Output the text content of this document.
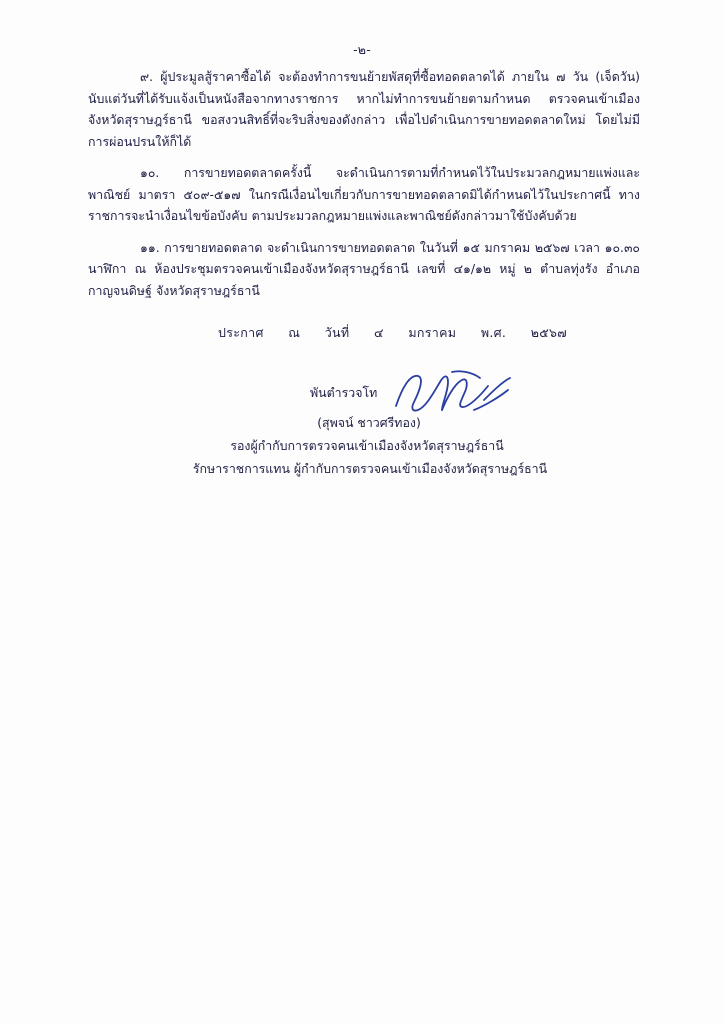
-๒-

๙. ผู้ประมูลสู้ราคาซื้อได้ จะต้องทำการขนย้ายพัสดุที่ซื้อทอดตลาดได้ ภายใน ๗ วัน (เจ็ดวัน) นับแต่วันที่ได้รับแจ้งเป็นหนังสือจากทางราชการ หากไม่ทำการขนย้ายตามกำหนด ตรวจคนเข้าเมืองจังหวัดสุราษฎร์ธานี ขอสงวนสิทธิ์ที่จะริบสิ่งของดังกล่าว เพื่อไปดำเนินการขายทอดตลาดใหม่ โดยไม่มีการผ่อนปรนให้ก็ได้

๑๐. การขายทอดตลาดครั้งนี้ จะดำเนินการตามที่กำหนดไว้ในประมวลกฎหมายแพ่งและพาณิชย์ มาตรา ๕๐๙-๕๑๗ ในกรณีเงื่อนไขเกี่ยวกับการขายทอดตลาดมิได้กำหนดไว้ในประกาศนี้ ทางราชการจะนำเงื่อนไขข้อบังคับ ตามประมวลกฎหมายแพ่งและพาณิชย์ดังกล่าวมาใช้บังคับด้วย

๑๑. การขายทอดตลาด จะดำเนินการขายทอดตลาด ในวันที่ ๑๕ มกราคม ๒๕๖๗ เวลา ๑๐.๓๐ นาฬิกา ณ ห้องประชุมตรวจคนเข้าเมืองจังหวัดสุราษฎร์ธานี เลขที่ ๔๑/๑๒ หมู่ ๒ ตำบลทุ่งรัง อำเภอกาญจนดิษฐ์ จังหวัดสุราษฎร์ธานี

ประกาศ ณ วันที่ ๔ มกราคม พ.ศ. ๒๕๖๗
พันตำรวจโท
(สุพจน์ ชาวศรีทอง)
รองผู้กำกับการตรวจคนเข้าเมืองจังหวัดสุราษฎร์ธานี
รักษาราชการแทน ผู้กำกับการตรวจคนเข้าเมืองจังหวัดสุราษฎร์ธานี
